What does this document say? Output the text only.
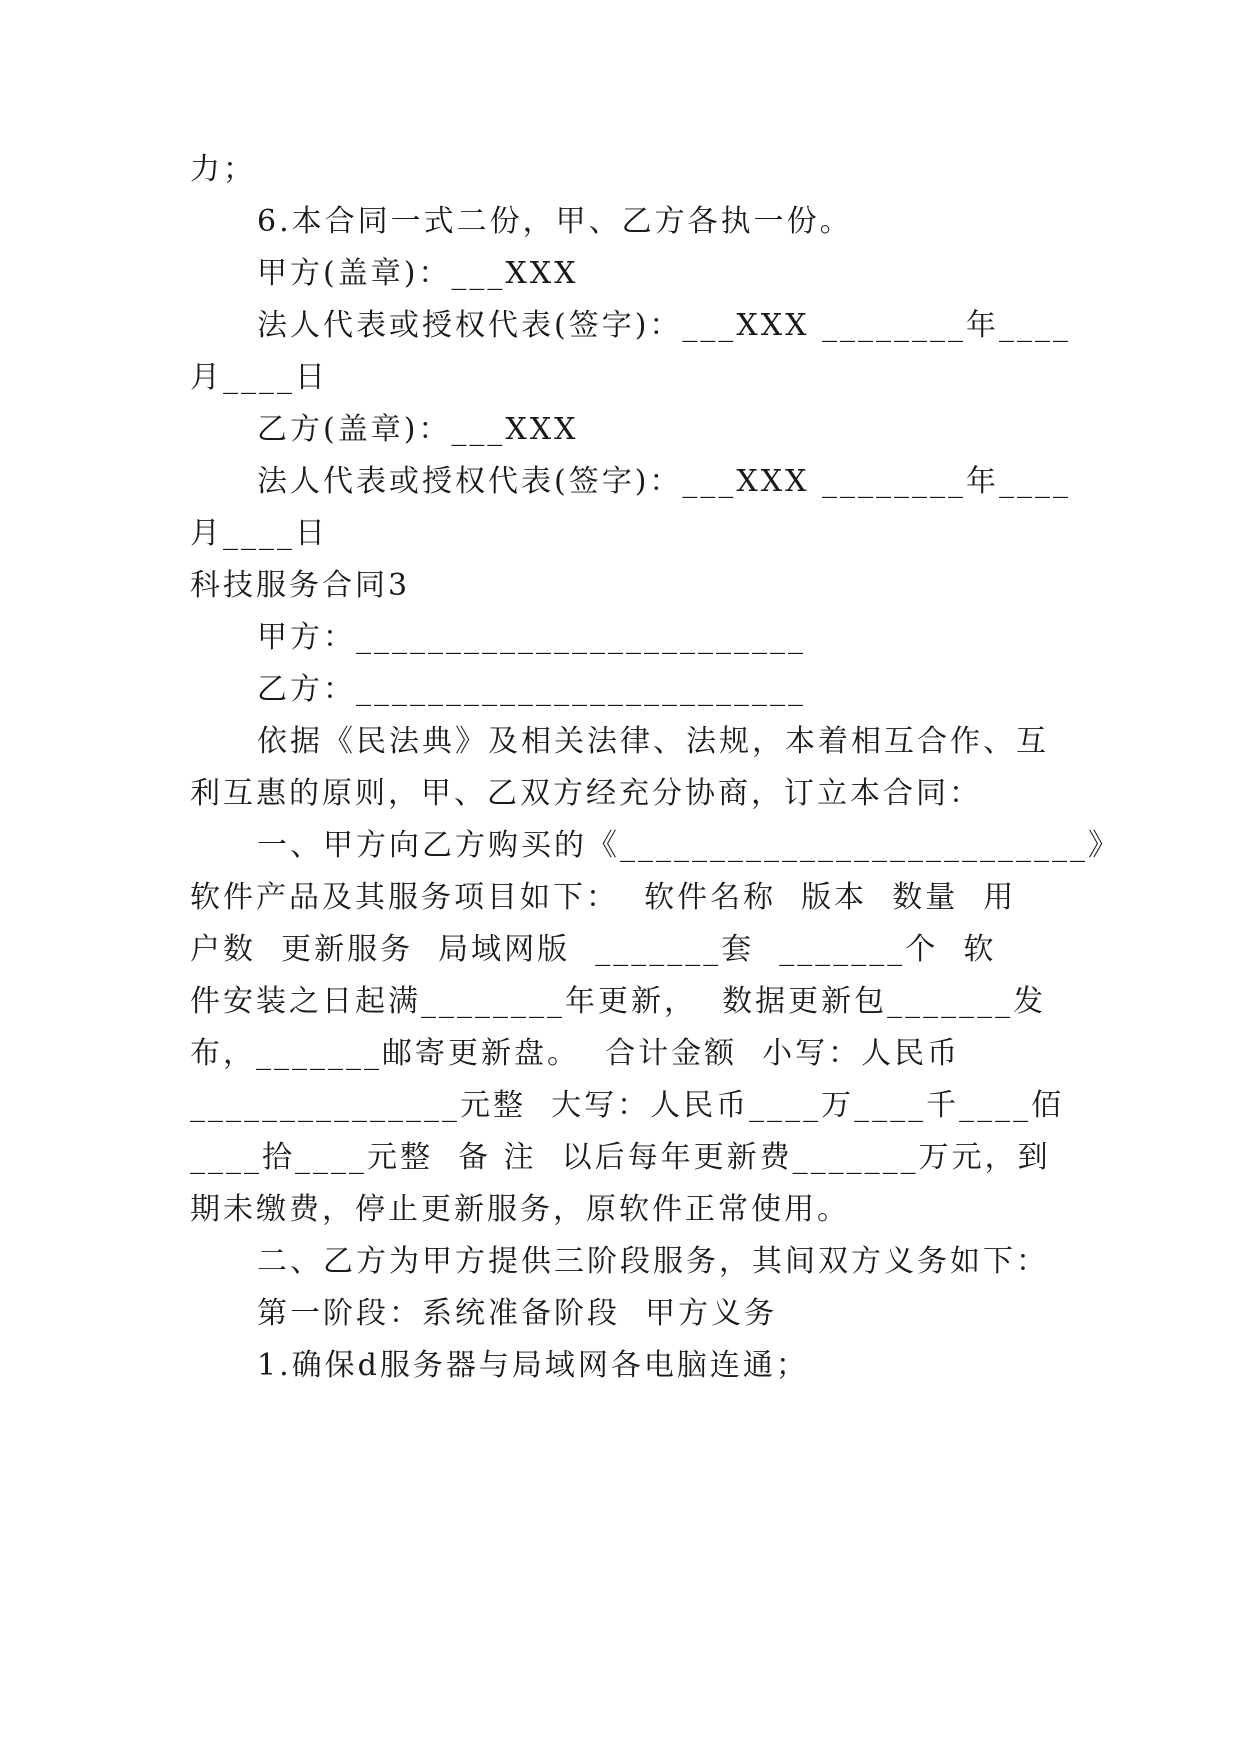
力；
6.本合同一式二份，甲、乙方各执一份。
甲方(盖章)：___XXX
法人代表或授权代表(签字)：___XXX ________年____
月____日
乙方(盖章)：___XXX
法人代表或授权代表(签字)：___XXX ________年____
月____日
科技服务合同3
甲方：_________________________
乙方：_________________________
依据《民法典》及相关法律、法规，本着相互合作、互
利互惠的原则，甲、乙双方经充分协商，订立本合同：
一、甲方向乙方购买的《__________________________》
软件产品及其服务项目如下：  软件名称  版本  数量  用
户数  更新服务  局域网版  _______套  _______个  软
件安装之日起满________年更新，  数据更新包_______发
布，_______邮寄更新盘。  合计金额  小写：人民币
_______________元整  大写：人民币____万____千____佰
____拾____元整  备 注  以后每年更新费_______万元，到
期未缴费，停止更新服务，原软件正常使用。
二、乙方为甲方提供三阶段服务，其间双方义务如下：
第一阶段：系统准备阶段  甲方义务
1.确保d服务器与局域网各电脑连通；
